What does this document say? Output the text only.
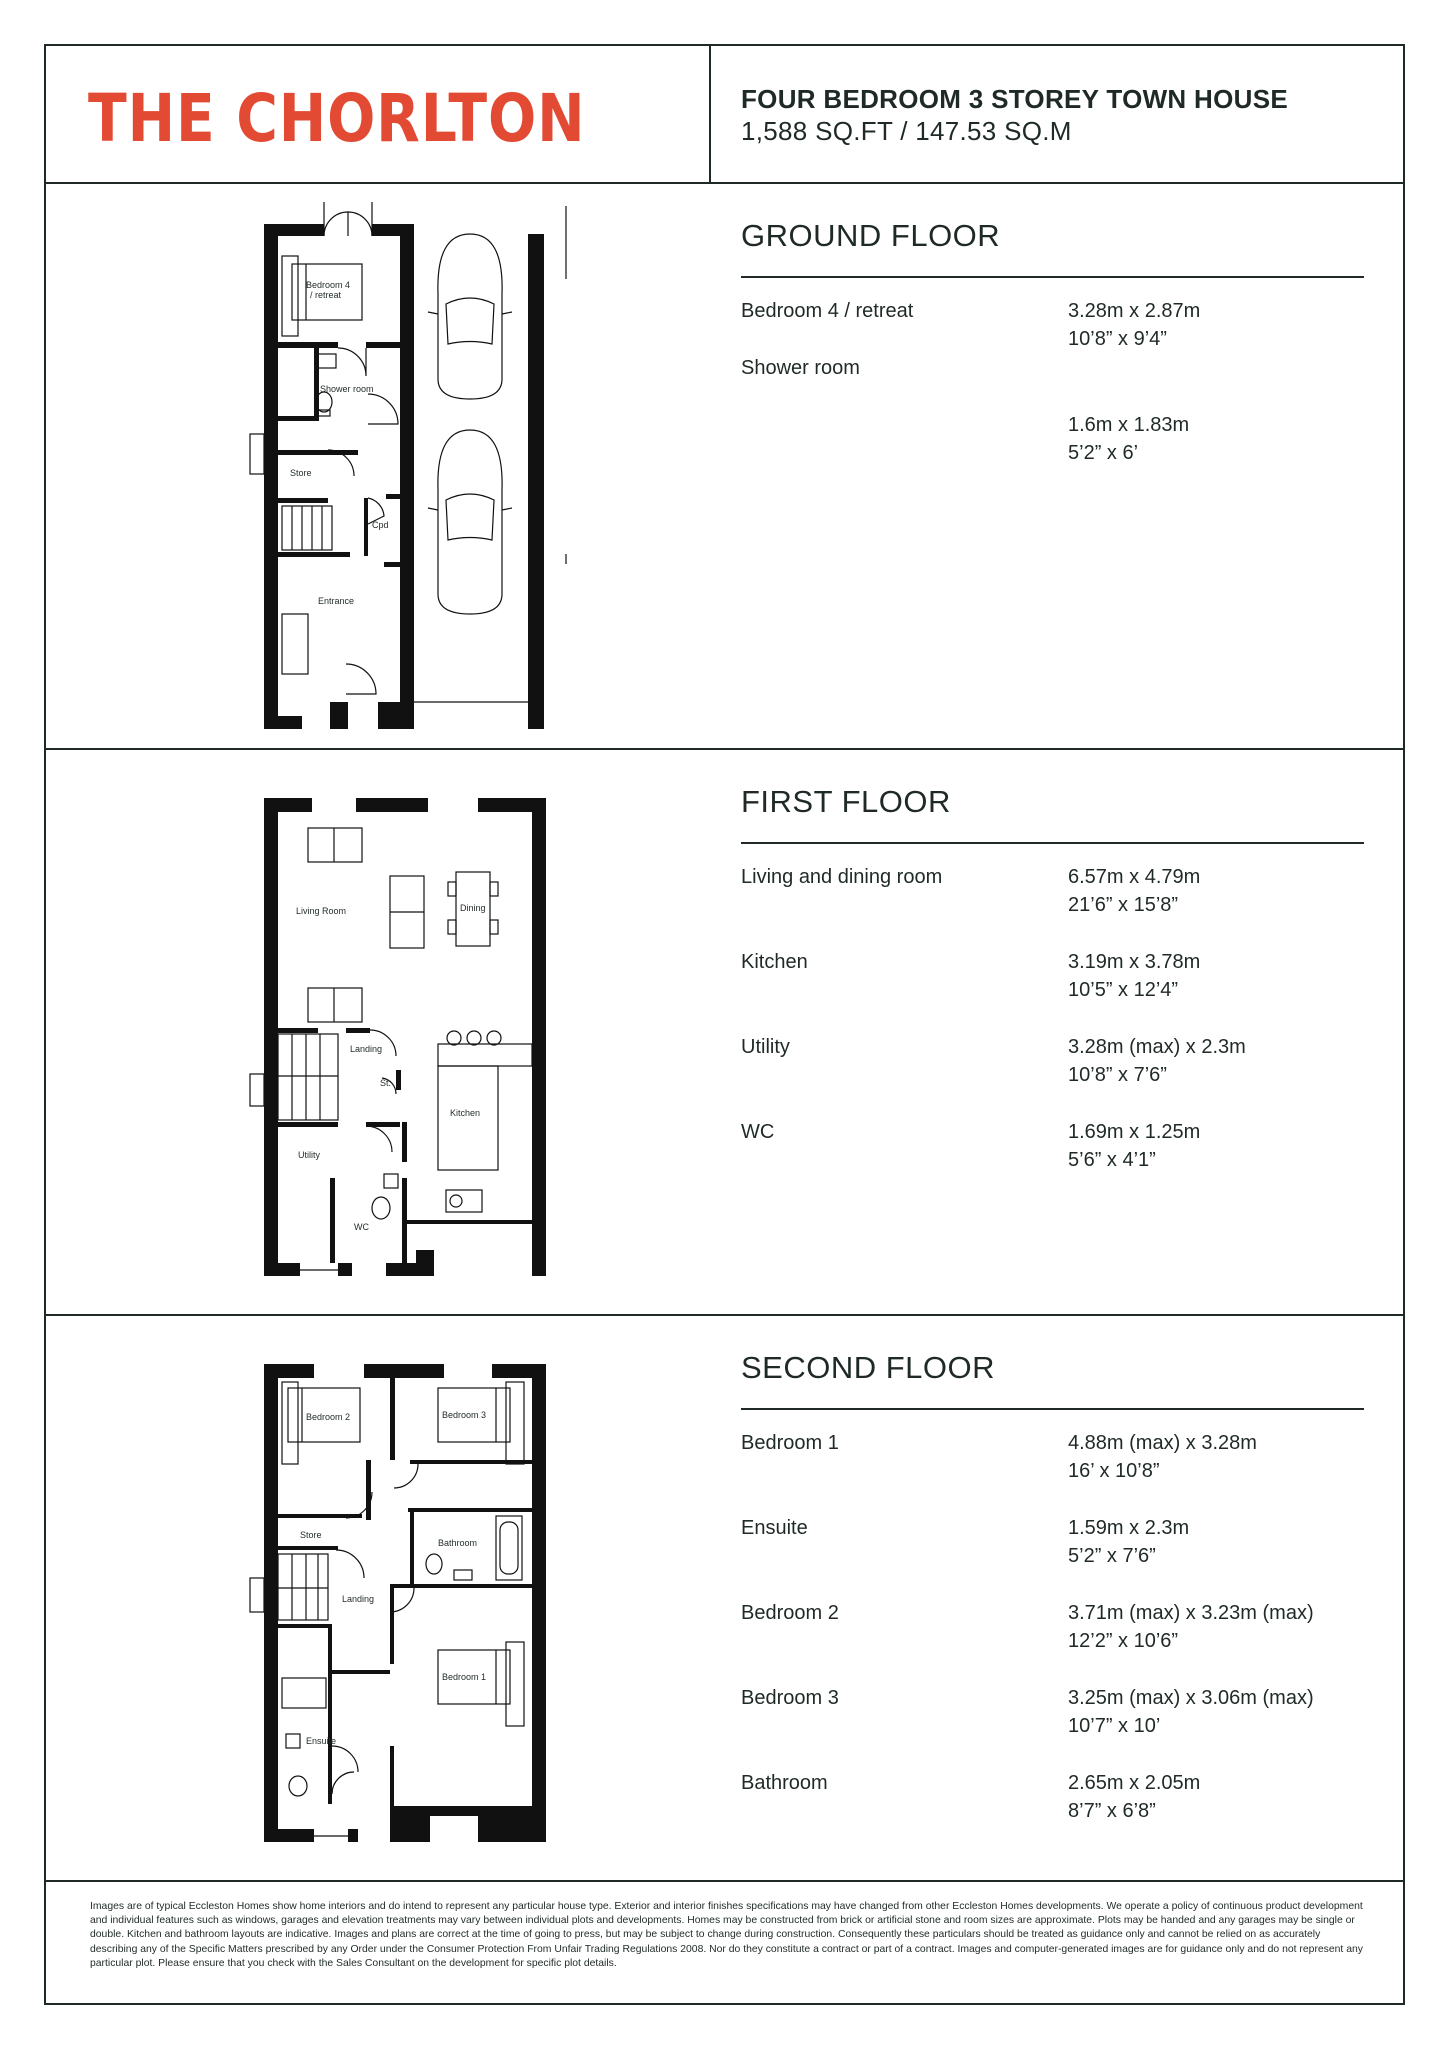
THE CHORLTON	FOUR BEDROOM 3 STOREY TOWN HOUSE
1,588 SQ.FT / 147.53 SQ.M
Bedroom 4
/ retreat
Shower room
Store
Cpd
Entrance
GROUND FLOOR
Bedroom 4 / retreat	3.28m x 2.87m
10’8” x 9’4”
Shower room
1.6m x 1.83m
5’2” x 6’
Living Room	Dining
Landing
St.
Kitchen
Utility
WC
FIRST FLOOR
Living and dining room	6.57m x 4.79m
21’6” x 15’8”
Kitchen	3.19m x 3.78m
10’5” x 12’4”
Utility	3.28m (max) x 2.3m
10’8” x 7’6”
WC	1.69m x 1.25m
5’6” x 4’1”
Bedroom 2	Bedroom 3
Bathroom
Store
Landing
Bedroom 1
Ensuite
SECOND FLOOR
Bedroom 1	4.88m (max) x 3.28m
16’ x 10’8”
Ensuite	1.59m x 2.3m
5’2” x 7’6”
Bedroom 2	3.71m (max) x 3.23m (max)
12’2” x 10’6”
Bedroom 3	3.25m (max) x 3.06m (max)
10’7” x 10’
Bathroom	2.65m x 2.05m
8’7” x 6’8”
Images are of typical Eccleston Homes show home interiors and do intend to represent any particular house type. Exterior and interior finishes specifications may have changed from other Eccleston Homes developments. We operate a policy of continuous product development and individual features such as windows, garages and elevation treatments may vary between individual plots and developments. Homes may be constructed from brick or artificial stone and room sizes are approximate. Plots may be handed and any garages may be single or double. Kitchen and bathroom layouts are indicative. Images and plans are correct at the time of going to press, but may be subject to change during construction. Consequently these particulars should be treated as guidance only and cannot be relied on as accurately describing any of the Specific Matters prescribed by any Order under the Consumer Protection From Unfair Trading Regulations 2008. Nor do they constitute a contract or part of a contract. Images and computer-generated images are for guidance only and do not represent any particular plot. Please ensure that you check with the Sales Consultant on the development for specific plot details.
